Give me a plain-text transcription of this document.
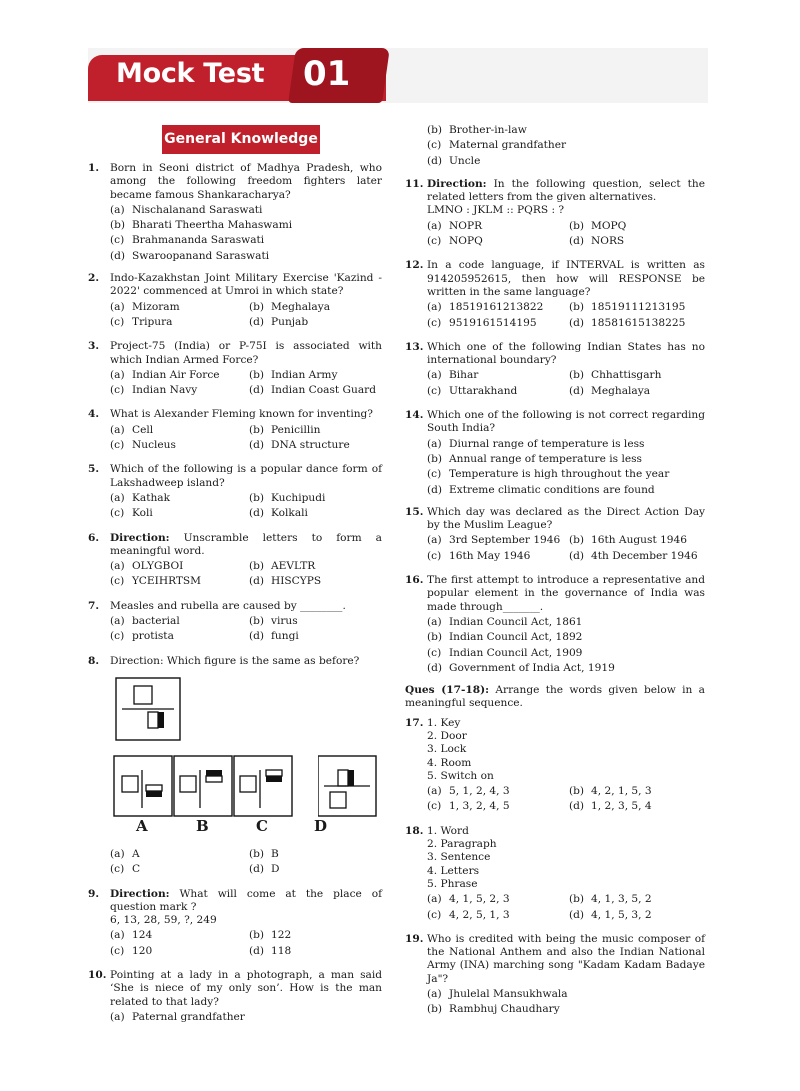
Mock Test 01
General Knowledge
1. Born in Seoni district of Madhya Pradesh, who among the following freedom fighters later became famous Shankaracharya?
(a) Nischalanand Saraswati
(b) Bharati Theertha Mahaswami
(c) Brahmananda Saraswati
(d) Swaroopanand Saraswati
2. Indo-Kazakhstan Joint Military Exercise 'Kazind - 2022' commenced at Umroi in which state?
(a) Mizoram	(b) Meghalaya
(c) Tripura	(d) Punjab
3. Project-75 (India) or P-75I is associated with which Indian Armed Force?
(a) Indian Air Force	(b) Indian Army
(c) Indian Navy	(d) Indian Coast Guard
4. What is Alexander Fleming known for inventing?
(a) Cell	(b) Penicillin
(c) Nucleus	(d) DNA structure
5. Which of the following is a popular dance form of Lakshadweep island?
(a) Kathak	(b) Kuchipudi
(c) Koli	(d) Kolkali
6. Direction: Unscramble letters to form a meaningful word.
(a) OLYGBOI	(b) AEVLTR
(c) YCEIHRTSM	(d) HISCYPS
7. Measles and rubella are caused by ________.
(a) bacterial	(b) virus
(c) protista	(d) fungi
8. Direction: Which figure is the same as before?
A	B	C	D
(a) A	(b) B
(c) C	(d) D
9. Direction: What will come at the place of question mark ?
6, 13, 28, 59, ?, 249
(a) 124	(b) 122
(c) 120	(d) 118
10. Pointing at a lady in a photograph, a man said ‘She is niece of my only son’. How is the man related to that lady?
(a) Paternal grandfather
(b) Brother-in-law
(c) Maternal grandfather
(d) Uncle
11. Direction: In the following question, select the related letters from the given alternatives.
LMNO : JKLM :: PQRS : ?
(a) NOPR	(b) MOPQ
(c) NOPQ	(d) NORS
12. In a code language, if INTERVAL is written as 914205952615, then how will RESPONSE be written in the same language?
(a) 18519161213822	(b) 18519111213195
(c) 9519161514195	(d) 18581615138225
13. Which one of the following Indian States has no international boundary?
(a) Bihar	(b) Chhattisgarh
(c) Uttarakhand	(d) Meghalaya
14. Which one of the following is not correct regarding South India?
(a) Diurnal range of temperature is less
(b) Annual range of temperature is less
(c) Temperature is high throughout the year
(d) Extreme climatic conditions are found
15. Which day was declared as the Direct Action Day by the Muslim League?
(a) 3rd September 1946 (b) 16th August 1946
(c) 16th May 1946	(d) 4th December 1946
16. The first attempt to introduce a representative and popular element in the governance of India was made through_______.
(a) Indian Council Act, 1861
(b) Indian Council Act, 1892
(c) Indian Council Act, 1909
(d) Government of India Act, 1919
Ques (17-18): Arrange the words given below in a meaningful sequence.
17. 1. Key
2. Door
3. Lock
4. Room
5. Switch on
(a) 5, 1, 2, 4, 3	(b) 4, 2, 1, 5, 3
(c) 1, 3, 2, 4, 5	(d) 1, 2, 3, 5, 4
18. 1. Word
2. Paragraph
3. Sentence
4. Letters
5. Phrase
(a) 4, 1, 5, 2, 3	(b) 4, 1, 3, 5, 2
(c) 4, 2, 5, 1, 3	(d) 4, 1, 5, 3, 2
19. Who is credited with being the music composer of the National Anthem and also the Indian National Army (INA) marching song "Kadam Kadam Badaye Ja"?
(a) Jhulelal Mansukhwala
(b) Rambhuj Chaudhary
